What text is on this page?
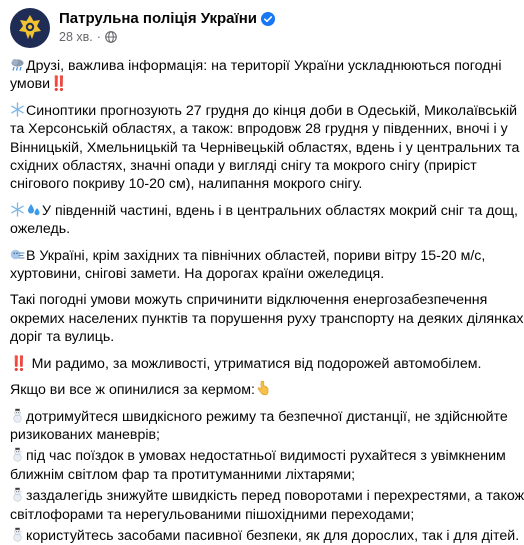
Патрульна поліція України
28 хв. ·
Друзі, важлива інформація: на території України ускладнюються погодні
умови‼️
Синоптики прогнозують 27 грудня до кінця доби в Одеській, Миколаївській
та Херсонській областях, а також: впродовж 28 грудня у південних, вночі і у
Вінницькій, Хмельницькій та Чернівецькій областях, вдень і у центральних та
східних областях, значні опади у вигляді снігу та мокрого снігу (приріст
снігового покриву 10-20 см), налипання мокрого снігу.
У південній частині, вдень і в центральних областях мокрий сніг та дощ,
ожеледь.
В Україні, крім західних та північних областей, пориви вітру 15-20 м/с,
хуртовини, снігові замети. На дорогах країни ожеледиця.
Такі погодні умови можуть спричинити відключення енергозабезпечення
окремих населених пунктів та порушення руху транспорту на деяких ділянках
доріг та вулиць.
‼️ Ми радимо, за можливості, утриматися від подорожей автомобілем.
Якщо ви все ж опинилися за кермом:
дотримуйтеся швидкісного режиму та безпечної дистанції, не здійснюйте
ризикованих маневрів;
під час поїздок в умовах недостатньої видимості рухайтеся з увімкненим
ближнім світлом фар та протитуманними ліхтарями;
заздалегідь знижуйте швидкість перед поворотами і перехрестями, а також
світлофорами та нерегульованими пішохідними переходами;
користуйтесь засобами пасивної безпеки, як для дорослих, так і для дітей.
